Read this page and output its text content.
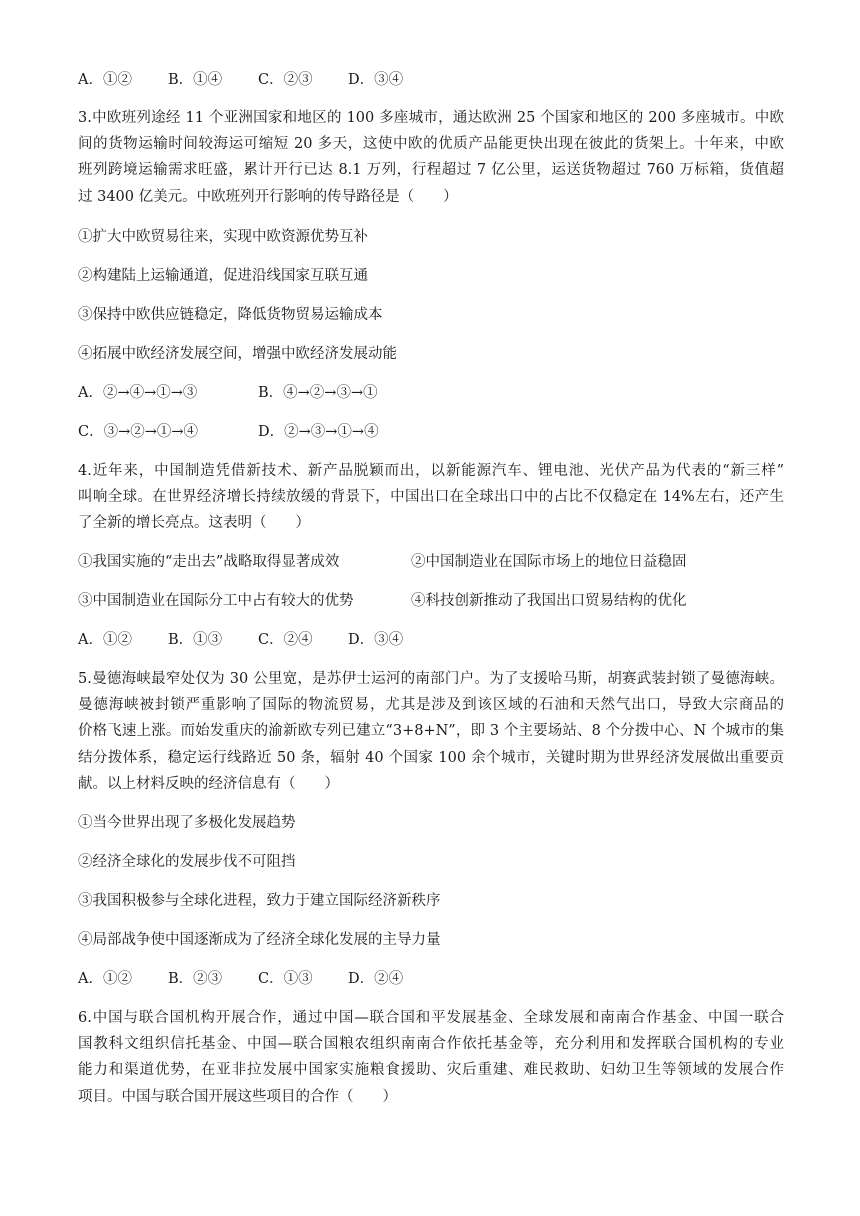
A．①② B．①④ C．②③ D．③④
3.中欧班列途经 11 个亚洲国家和地区的 100 多座城市，通达欧洲 25 个国家和地区的 200 多座城市。中欧
间的货物运输时间较海运可缩短 20 多天，这使中欧的优质产品能更快出现在彼此的货架上。十年来，中欧
班列跨境运输需求旺盛，累计开行已达 8.1 万列，行程超过 7 亿公里，运送货物超过 760 万标箱，货值超
过 3400 亿美元。中欧班列开行影响的传导路径是（　　）
①扩大中欧贸易往来，实现中欧资源优势互补
②构建陆上运输通道，促进沿线国家互联互通
③保持中欧供应链稳定，降低货物贸易运输成本
④拓展中欧经济发展空间，增强中欧经济发展动能
A．②→④→①→③	B．④→②→③→①
C．③→②→①→④	D．②→③→①→④
4.近年来，中国制造凭借新技术、新产品脱颖而出，以新能源汽车、锂电池、光伏产品为代表的“新三样”
叫响全球。在世界经济增长持续放缓的背景下，中国出口在全球出口中的占比不仅稳定在 14%左右，还产生
了全新的增长亮点。这表明（　　）
①我国实施的“走出去”战略取得显著成效	②中国制造业在国际市场上的地位日益稳固
③中国制造业在国际分工中占有较大的优势	④科技创新推动了我国出口贸易结构的优化
A．①② B．①③ C．②④ D．③④
5.曼德海峡最窄处仅为 30 公里宽，是苏伊士运河的南部门户。为了支援哈马斯，胡赛武装封锁了曼德海峡。
曼德海峡被封锁严重影响了国际的物流贸易，尤其是涉及到该区域的石油和天然气出口，导致大宗商品的
价格飞速上涨。而始发重庆的渝新欧专列已建立“3+8+N”，即 3 个主要场站、8 个分拨中心、N 个城市的集
结分拨体系，稳定运行线路近 50 条，辐射 40 个国家 100 余个城市，关键时期为世界经济发展做出重要贡
献。以上材料反映的经济信息有（　　）
①当今世界出现了多极化发展趋势
②经济全球化的发展步伐不可阻挡
③我国积极参与全球化进程，致力于建立国际经济新秩序
④局部战争使中国逐渐成为了经济全球化发展的主导力量
A．①② B．②③ C．①③ D．②④
6.中国与联合国机构开展合作，通过中国—联合国和平发展基金、全球发展和南南合作基金、中国一联合
国教科文组织信托基金、中国—联合国粮农组织南南合作依托基金等，充分利用和发挥联合国机构的专业
能力和渠道优势，在亚非拉发展中国家实施粮食援助、灾后重建、难民救助、妇幼卫生等领域的发展合作
项目。中国与联合国开展这些项目的合作（　　）
